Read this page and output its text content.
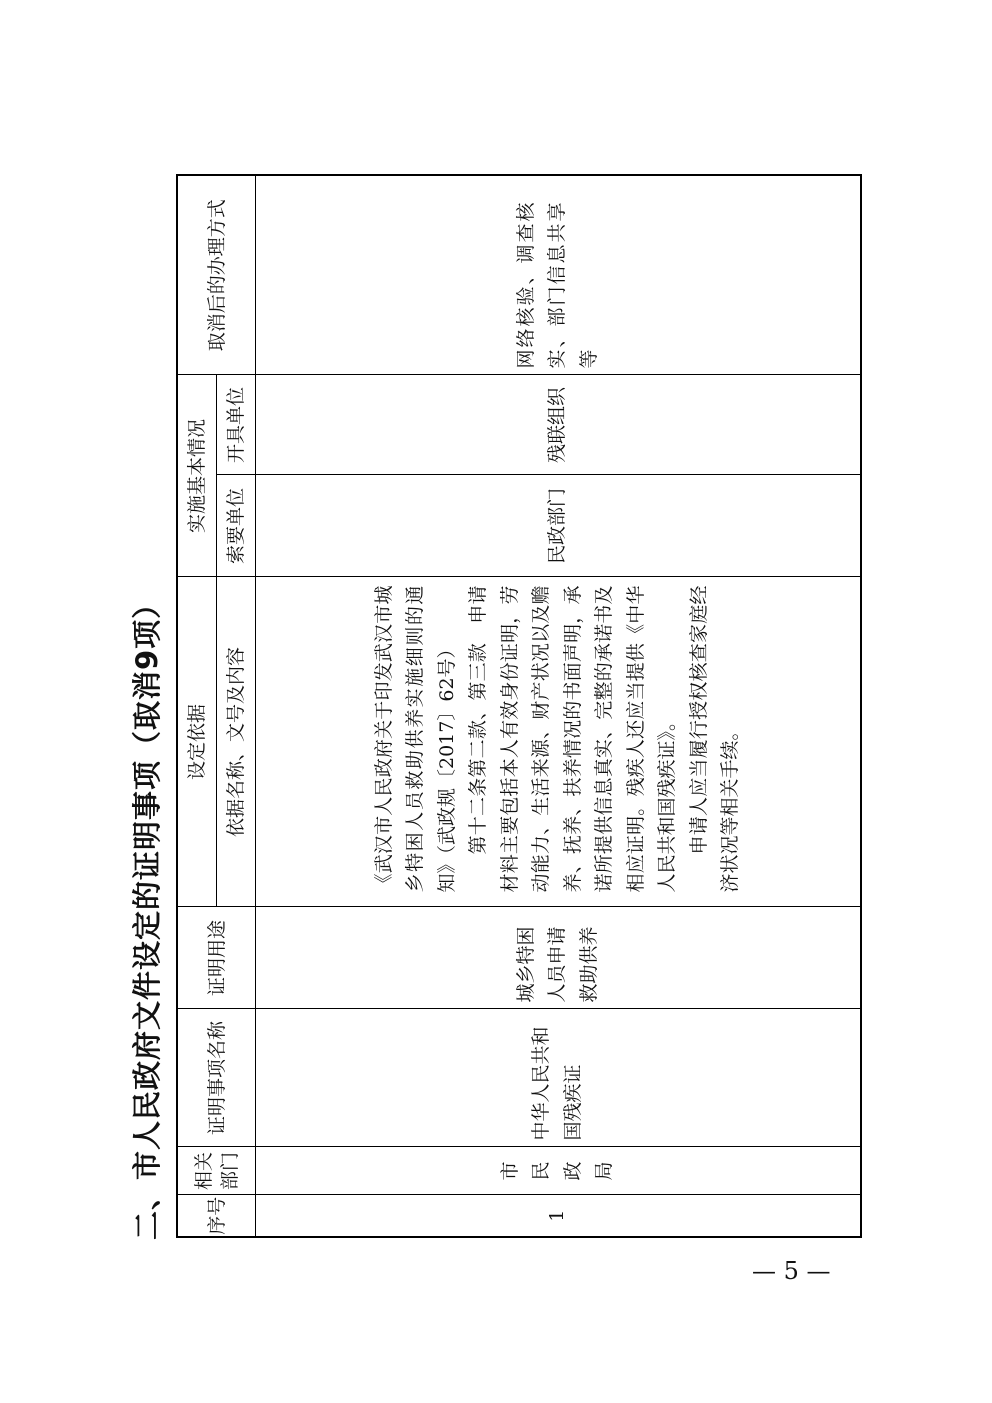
二、市人民政府文件设定的证明事项（取消9项） 序号	相关部门	证明事项名称	证明用途	设定依据	实施基本情况		取消后的办理方式
				依据名称、文号及内容	索要单位	开具单位	
1	市民政局	中华人民共和国残疾证	城乡特困人员申请救助供养	《武汉市人民政府关于印发武汉市城乡特困人员救助供养实施细则的通知》（武政规〔2017〕62号） 第十二条第二款、第三款　申请材料主要包括本人有效身份证明，劳动能力、生活来源、财产状况以及赡养、抚养、扶养情况的书面声明，承诺所提供信息真实、完整的承诺书及相应证明。残疾人还应当提供《中华人民共和国残疾证》。 申请人应当履行授权核查家庭经济状况等相关手续。	民政部门	残联组织	网络核验、调查核实、部门信息共享等
— 5 —
